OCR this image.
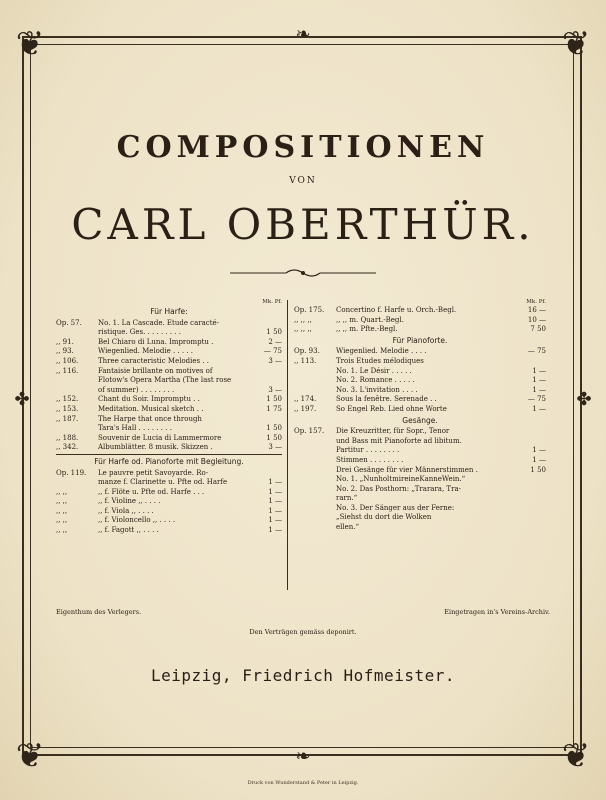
❦	❦
❦	❦
❧
❧
✤	✤
COMPOSITIONEN
VON
CARL OBERTHÜR.
Mk. Pf.
Für Harfe:
Op. 57.	No. 1. La Cascade. Etude caracté-
ristique. Ges. . . . . . . . .	1 50
,, 91.	Bel Chiaro di Luna. Impromptu .	2 —
,, 93.	Wiegenlied. Melodie . . . . .	— 75
,, 106.	Three caracteristic Melodies . .	3 —
,, 116.	Fantaisie brillante on motives of
Flotow's Opera Martha (The last rose
of summer) . . . . . . . .	3 —
,, 152.	Chant du Soir. Impromptu . .	1 50
,, 153.	Meditation. Musical sketch . .	1 75
,, 187.	The Harpe that once through
Tara's Hall . . . . . . . .	1 50
,, 188.	Souvenir de Lucia di Lammermore	1 50
,, 342.	Albumblätter. 8 musik. Skizzen .	3 —
Für Harfe od. Pianoforte mit Begleitung.
Op. 119.	Le pauvre petit Savoyarde. Ro-
manze f. Clarinette u. Pfte od. Harfe	1 —
,, ,,	,, f. Flöte u. Pfte od. Harfe . . .	1 —
,, ,,	,, f. Violine ,, . . . .	1 —
,, ,,	,, f. Viola ,, . . . .	1 —
,, ,,	,, f. Violoncello ,, . . . .	1 —
,, ,,	,, f. Fagott ,, . . . .	1 —
Mk. Pf.
Op. 175.	Concertino f. Harfe u. Orch.-Begl.	16 —
,, ,, ,,	,, ,, m. Quart.-Begl.	10 —
,, ,, ,,	,, ,, m. Pfte.-Begl.	7 50
Für Pianoforte.
Op. 93.	Wiegenlied. Melodie . . . .	— 75
,, 113.	Trois Etudes mélodiques
No. 1. Le Désir . . . . .	1 —
No. 2. Romance . . . . .	1 —
No. 3. L'invitation . . . .	1 —
,, 174.	Sous la fenêtre. Serenade . .	— 75
,, 197.	So Engel Reb. Lied ohne Worte	1 —
Gesänge.
Op. 157.	Die Kreuzritter, für Sopr., Tenor
und Bass mit Pianoforte ad libitum.
Partitur . . . . . . . .	1 —
Stimmen . . . . . . . .	1 —
Drei Gesänge für vier Männerstimmen .	1 50
No. 1. „NunholtmireineKanneWein.“
No. 2. Das Posthorn: „Trarara, Tra-
rarn.“
No. 3. Der Sänger aus der Ferne:
„Siehst du dort die Wolken
ellen.“
Eigenthum des Verlegers.	Eingetragen in's Vereins-Archiv.
Den Verträgen gemäss deponirt.
Leipzig, Friedrich Hofmeister.
Druck von Wunderstand & Peter in Leipzig.
